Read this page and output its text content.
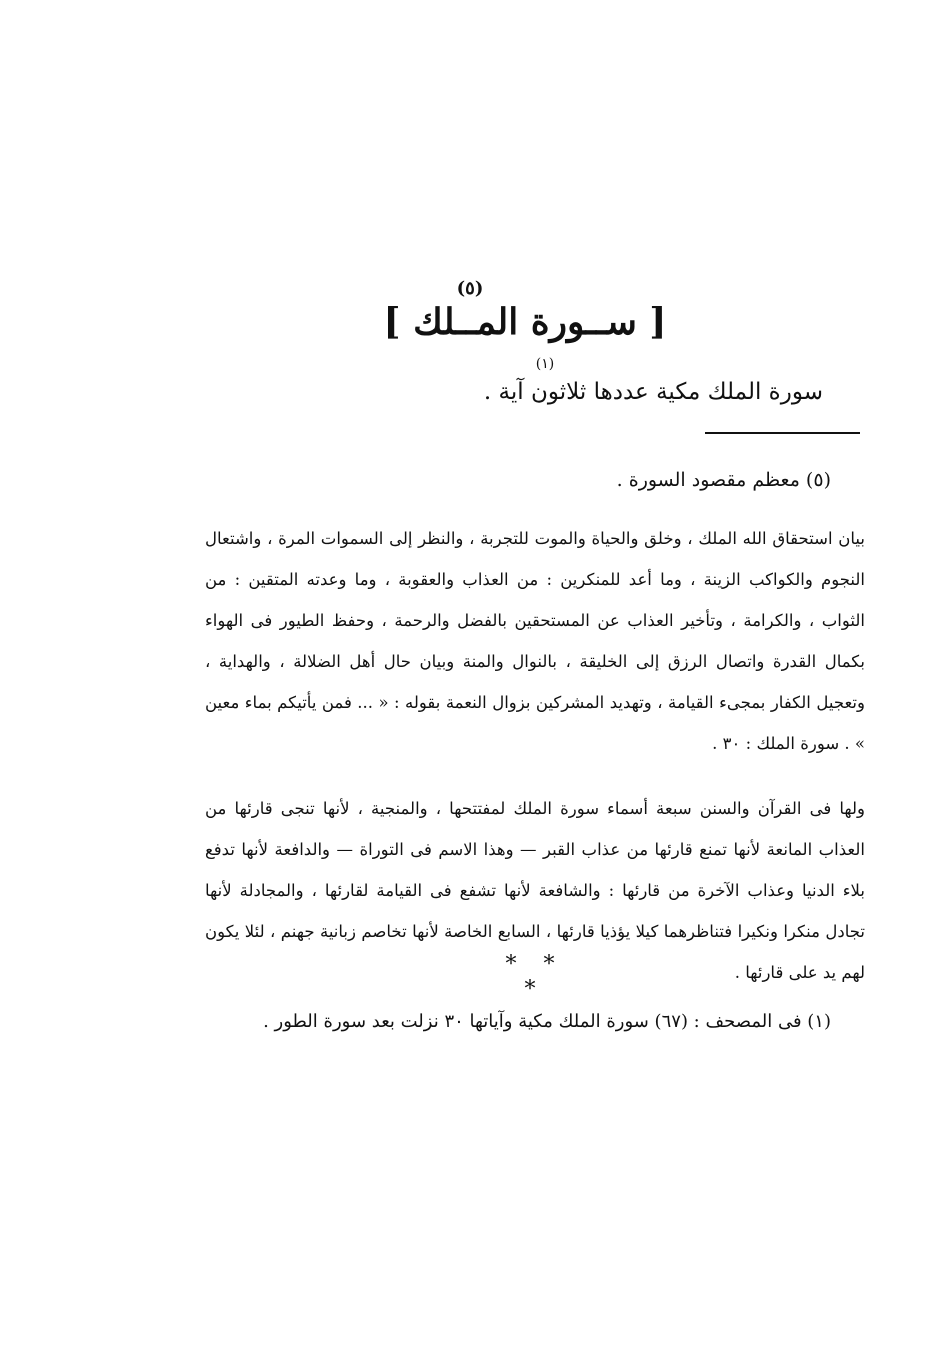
(٥)
[ ســورة المــلك ]
(١)
سورة الملك مكية عددها ثلاثون آية .
(٥) معظم مقصود السورة .
بيان استحقاق الله الملك ، وخلق والحياة والموت للتجربة ، والنظر إلى السموات المرة ، واشتعال النجوم والكواكب الزينة ، وما أعد للمنكرين : من العذاب والعقوبة ، وما وعدته المتقين : من الثواب ، والكرامة ، وتأخير العذاب عن المستحقين بالفضل والرحمة ، وحفظ الطيور فى الهواء بكمال القدرة واتصال الرزق إلى الخليقة ، بالنوال والمنة وبيان حال أهل الضلالة ، والهداية ، وتعجيل الكفار بمجىء القيامة ، وتهديد المشركين بزوال النعمة بقوله : « ... فمن يأتيكم بماء معين » . سورة الملك : ٣٠ .
ولها فى القرآن والسنن سبعة أسماء سورة الملك لمفتتحها ، والمنجية ، لأنها تنجى قارئها من العذاب المانعة لأنها تمنع قارئها من عذاب القبر — وهذا الاسم فى التوراة — والدافعة لأنها تدفع بلاء الدنيا وعذاب الآخرة من قارئها : والشافعة لأنها تشفع فى القيامة لقارئها ، والمجادلة لأنها تجادل منكرا ونكيرا فتناظرهما كيلا يؤذيا قارئها ، السابع الخاصة لأنها تخاصم زبانية جهنم ، لئلا يكون لهم يد على قارئها .
* * *
(١) فى المصحف : (٦٧) سورة الملك مكية وآياتها ٣٠ نزلت بعد سورة الطور .
